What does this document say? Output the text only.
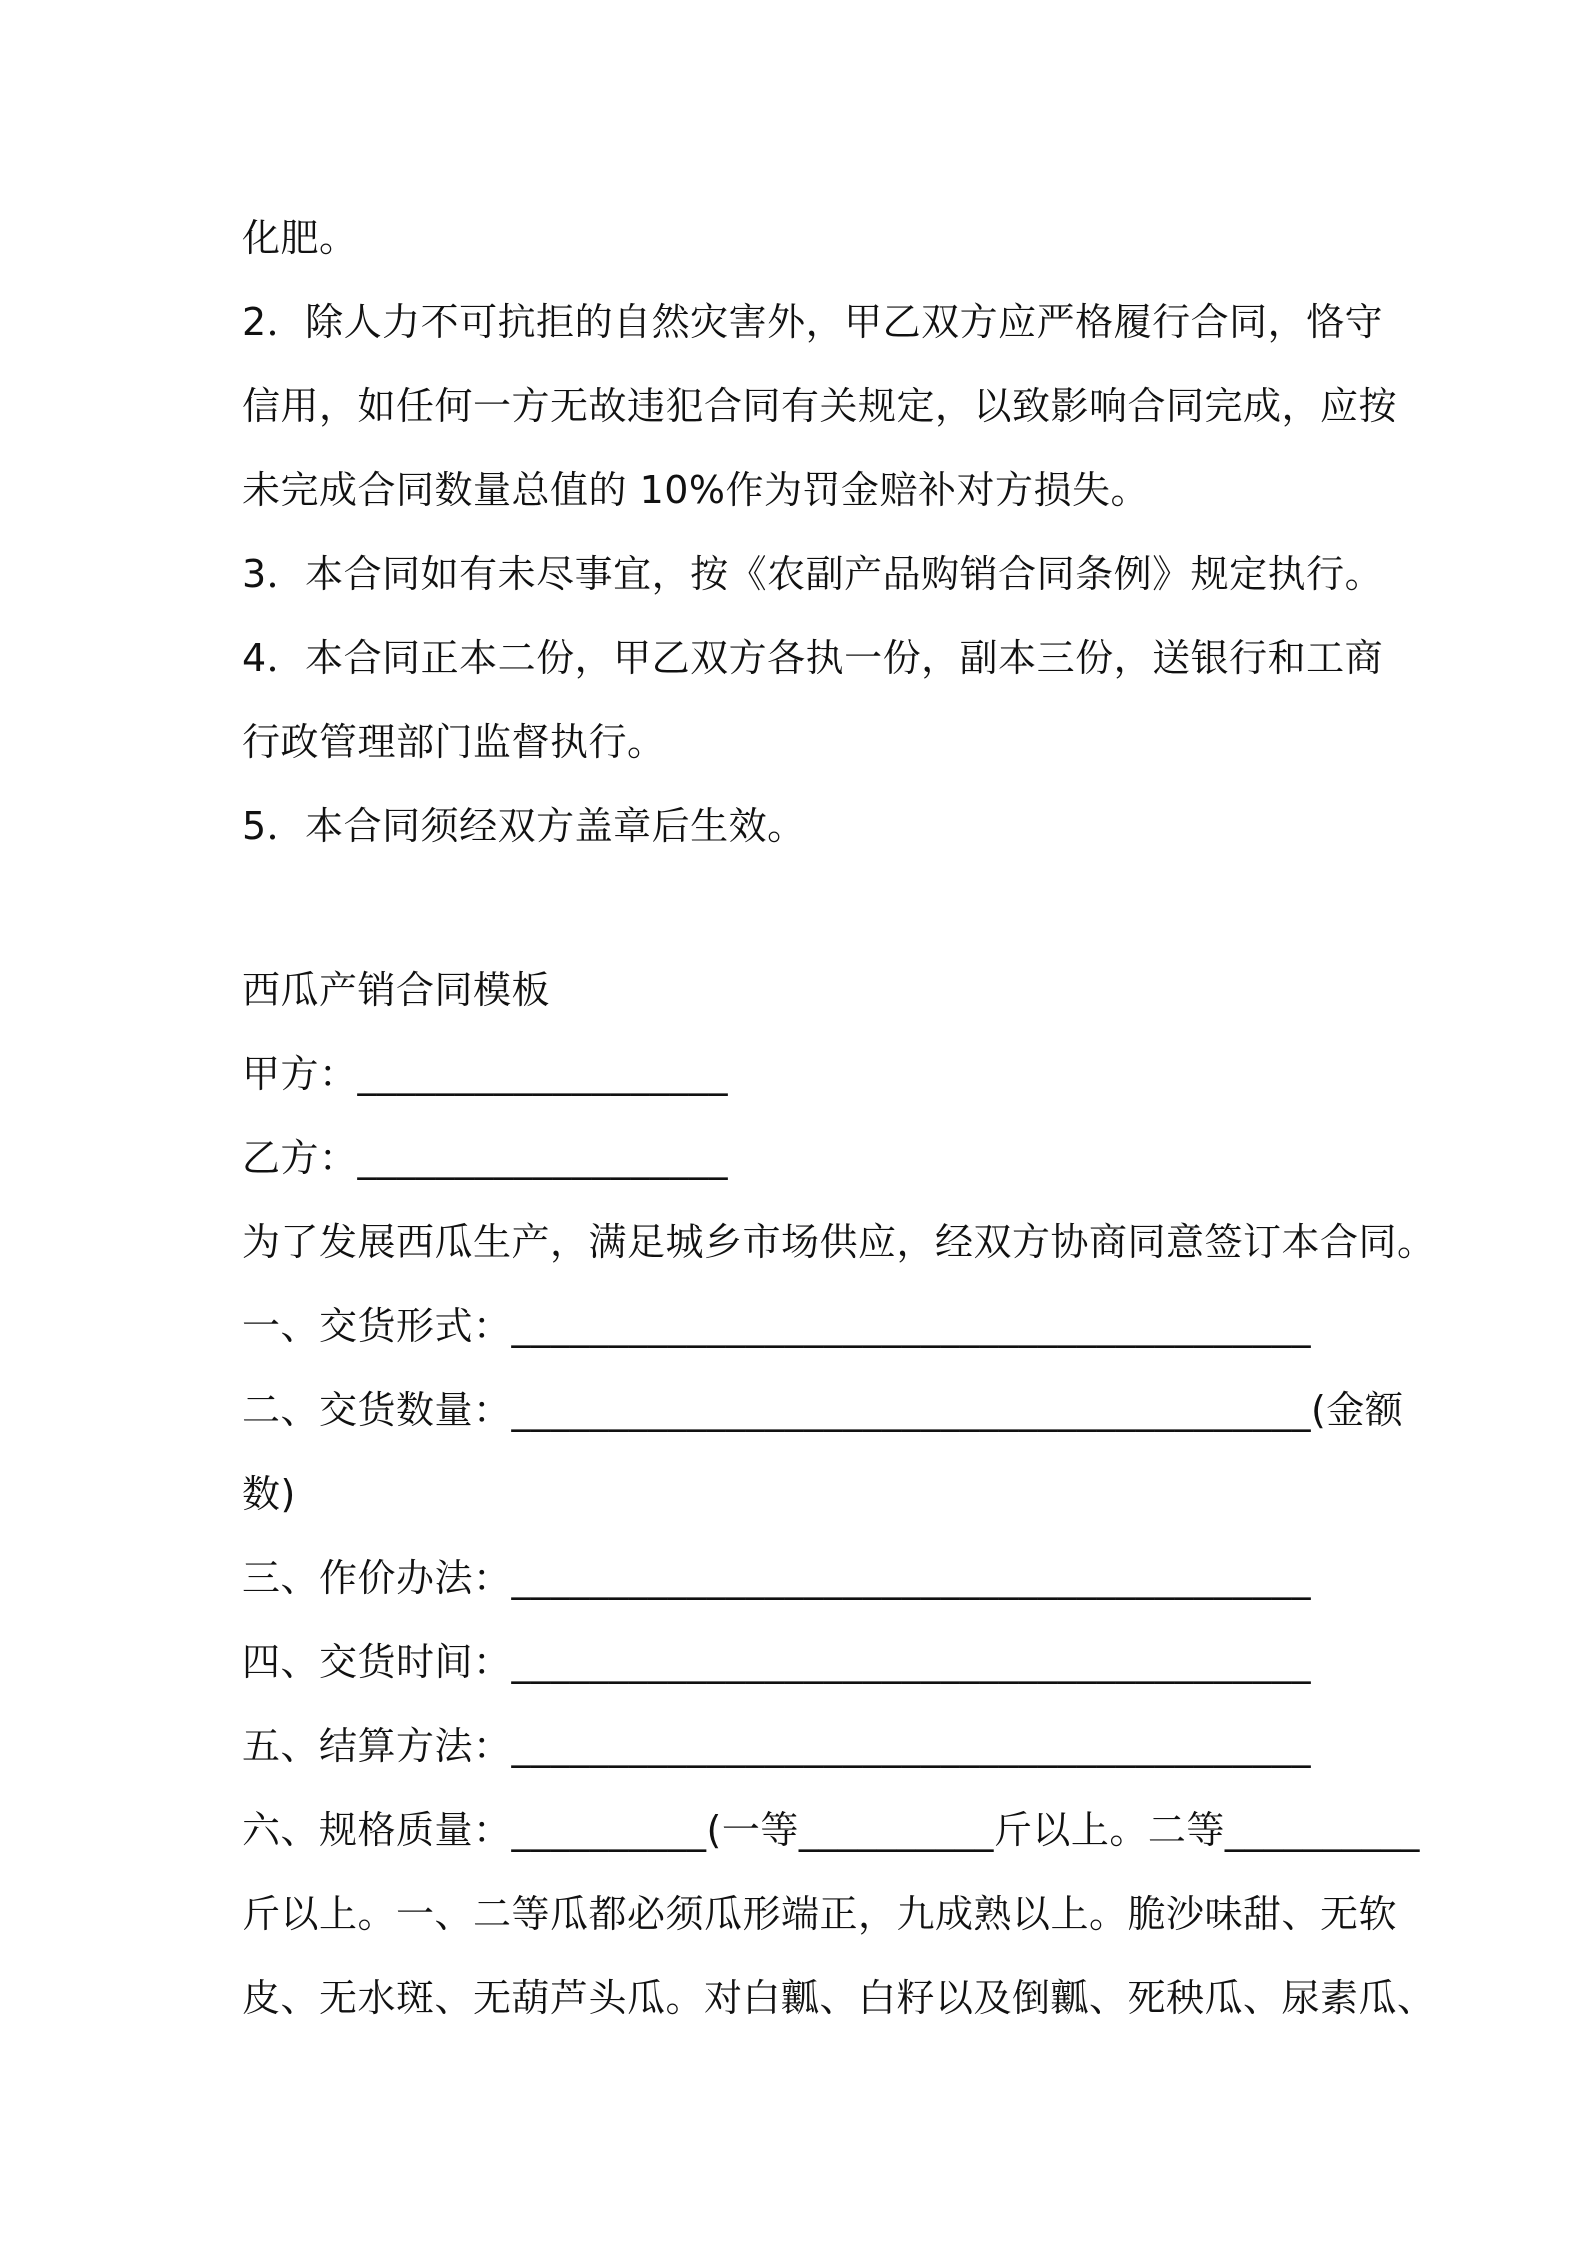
化肥。
2．除人力不可抗拒的自然灾害外，甲乙双方应严格履行合同，恪守
信用，如任何一方无故违犯合同有关规定，以致影响合同完成，应按
未完成合同数量总值的 10%作为罚金赔补对方损失。
3．本合同如有未尽事宜，按《农副产品购销合同条例》规定执行。
4．本合同正本二份，甲乙双方各执一份，副本三份，送银行和工商
行政管理部门监督执行。
5．本合同须经双方盖章后生效。
西瓜产销合同模板
甲方：___________________
乙方：___________________
为了发展西瓜生产，满足城乡市场供应，经双方协商同意签订本合同。
一、交货形式：_________________________________________
二、交货数量：_________________________________________(金额
数)
三、作价办法：_________________________________________
四、交货时间：_________________________________________
五、结算方法：_________________________________________
六、规格质量：__________(一等__________斤以上。二等__________
斤以上。一、二等瓜都必须瓜形端正，九成熟以上。脆沙味甜、无软
皮、无水斑、无葫芦头瓜。对白瓤、白籽以及倒瓤、死秧瓜、尿素瓜、
